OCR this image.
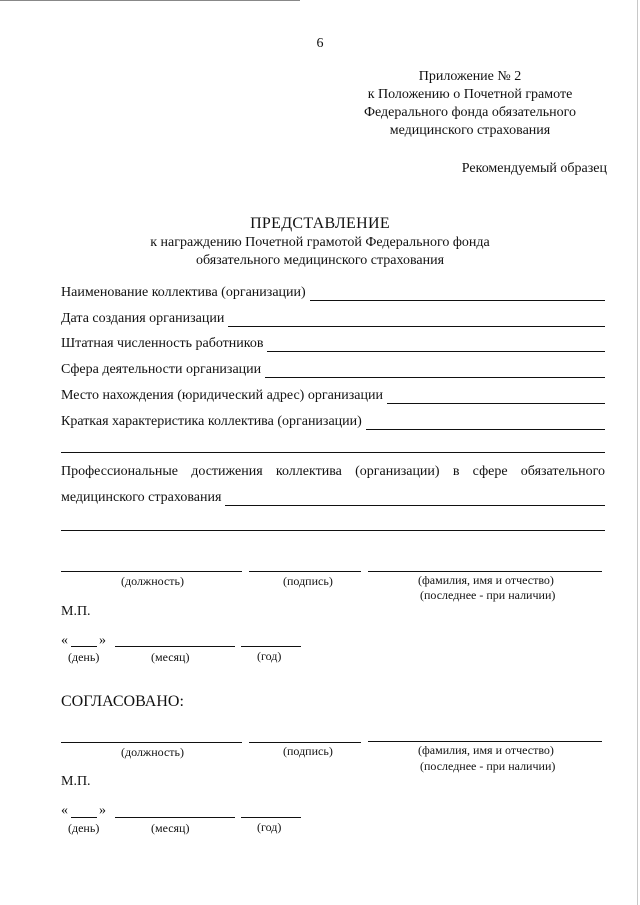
6
Приложение № 2
к Положению о Почетной грамоте
Федерального фонда обязательного
медицинского страхования
Рекомендуемый образец
ПРЕДСТАВЛЕНИЕ
к награждению Почетной грамотой Федерального фонда
обязательного медицинского страхования
Наименование коллектива (организации)
Дата создания организации
Штатная численность работников
Сфера деятельности организации
Место нахождения (юридический адрес) организации
Краткая характеристика коллектива (организации)
Профессиональные достижения коллектива (организации) в сфере обязательного
медицинского страхования
(должность)	(подпись)	(фамилия, имя и отчество)
(последнее - при наличии)
М.П.
« »
(день)	(месяц)	(год)
СОГЛАСОВАНО:
(должность)	(подпись)	(фамилия, имя и отчество)
(последнее - при наличии)
М.П.
« »
(день)	(месяц)	(год)
